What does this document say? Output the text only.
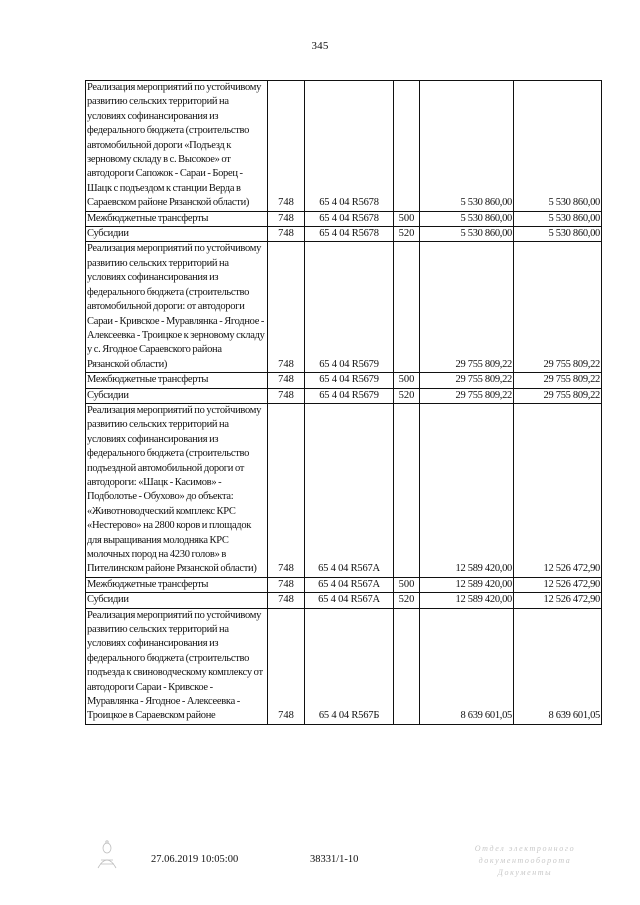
345
Реализация мероприятий по устойчивому развитию сельских территорий на условиях софинансирования из федерального бюджета (строительство автомобильной дороги «Подъезд к зерновому складу в с. Высокое» от автодороги Сапожок - Сараи - Борец - Шацк с подъездом к станции Верда в Сараевском районе Рязанской области)	748	65 4 04 R5678		5 530 860,00	5 530 860,00
Межбюджетные трансферты	748	65 4 04 R5678	500	5 530 860,00	5 530 860,00
Субсидии	748	65 4 04 R5678	520	5 530 860,00	5 530 860,00
Реализация мероприятий по устойчивому развитию сельских территорий на условиях софинансирования из федерального бюджета (строительство автомобильной дороги: от автодороги Сараи - Кривское - Муравлянка - Ягодное - Алексеевка - Троицкое к зерновому складу у с. Ягодное Сараевского района Рязанской области)	748	65 4 04 R5679		29 755 809,22	29 755 809,22
Межбюджетные трансферты	748	65 4 04 R5679	500	29 755 809,22	29 755 809,22
Субсидии	748	65 4 04 R5679	520	29 755 809,22	29 755 809,22
Реализация мероприятий по устойчивому развитию сельских территорий на условиях софинансирования из федерального бюджета (строительство подъездной автомобильной дороги от автодороги: «Шацк - Касимов» - Подболотье - Обухово» до объекта: «Животноводческий комплекс КРС «Нестерово» на 2800 коров и площадок для выращивания молодняка КРС молочных пород на 4230 голов» в Пителинском районе Рязанской области)	748	65 4 04 R567А		12 589 420,00	12 526 472,90
Межбюджетные трансферты	748	65 4 04 R567А	500	12 589 420,00	12 526 472,90
Субсидии	748	65 4 04 R567А	520	12 589 420,00	12 526 472,90
Реализация мероприятий по устойчивому развитию сельских территорий на условиях софинансирования из федерального бюджета (строительство подъезда к свиноводческому комплексу от автодороги Сараи - Кривское - Муравлянка - Ягодное - Алексеевка - Троицкое в Сараевском районе	748	65 4 04 R567Б		8 639 601,05	8 639 601,05
27.06.2019 10:05:00	38331/1-10
Отдел электронного документооборота
Документы
